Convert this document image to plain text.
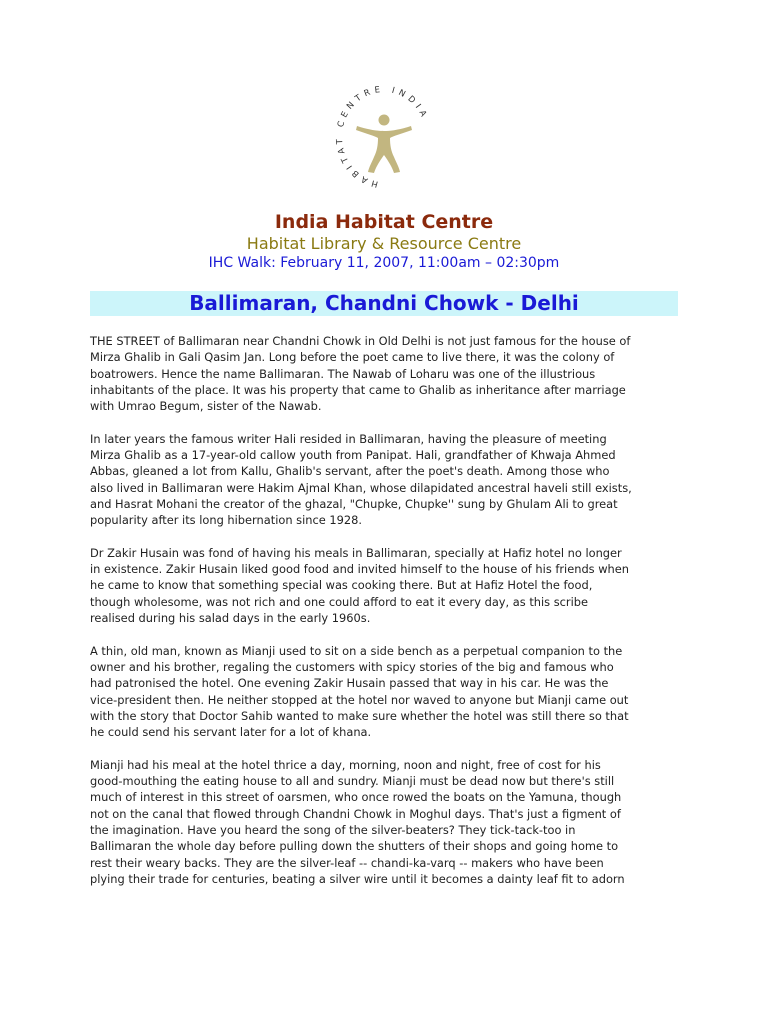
HABITAT CENTRE INDIA

India Habitat Centre

Habitat Library & Resource Centre

IHC Walk: February 11, 2007, 11:00am – 02:30pm

Ballimaran, Chandni Chowk - Delhi

THE STREET of Ballimaran near Chandni Chowk in Old Delhi is not just famous for the house of
Mirza Ghalib in Gali Qasim Jan. Long before the poet came to live there, it was the colony of
boatrowers. Hence the name Ballimaran. The Nawab of Loharu was one of the illustrious
inhabitants of the place. It was his property that came to Ghalib as inheritance after marriage
with Umrao Begum, sister of the Nawab.

In later years the famous writer Hali resided in Ballimaran, having the pleasure of meeting
Mirza Ghalib as a 17-year-old callow youth from Panipat. Hali, grandfather of Khwaja Ahmed
Abbas, gleaned a lot from Kallu, Ghalib's servant, after the poet's death. Among those who
also lived in Ballimaran were Hakim Ajmal Khan, whose dilapidated ancestral haveli still exists,
and Hasrat Mohani the creator of the ghazal, "Chupke, Chupke'' sung by Ghulam Ali to great
popularity after its long hibernation since 1928.

Dr Zakir Husain was fond of having his meals in Ballimaran, specially at Hafiz hotel no longer
in existence. Zakir Husain liked good food and invited himself to the house of his friends when
he came to know that something special was cooking there. But at Hafiz Hotel the food,
though wholesome, was not rich and one could afford to eat it every day, as this scribe
realised during his salad days in the early 1960s.

A thin, old man, known as Mianji used to sit on a side bench as a perpetual companion to the
owner and his brother, regaling the customers with spicy stories of the big and famous who
had patronised the hotel. One evening Zakir Husain passed that way in his car. He was the
vice-president then. He neither stopped at the hotel nor waved to anyone but Mianji came out
with the story that Doctor Sahib wanted to make sure whether the hotel was still there so that
he could send his servant later for a lot of khana.

Mianji had his meal at the hotel thrice a day, morning, noon and night, free of cost for his
good-mouthing the eating house to all and sundry. Mianji must be dead now but there's still
much of interest in this street of oarsmen, who once rowed the boats on the Yamuna, though
not on the canal that flowed through Chandni Chowk in Moghul days. That's just a figment of
the imagination. Have you heard the song of the silver-beaters? They tick-tack-too in
Ballimaran the whole day before pulling down the shutters of their shops and going home to
rest their weary backs. They are the silver-leaf -- chandi-ka-varq -- makers who have been
plying their trade for centuries, beating a silver wire until it becomes a dainty leaf fit to adorn
